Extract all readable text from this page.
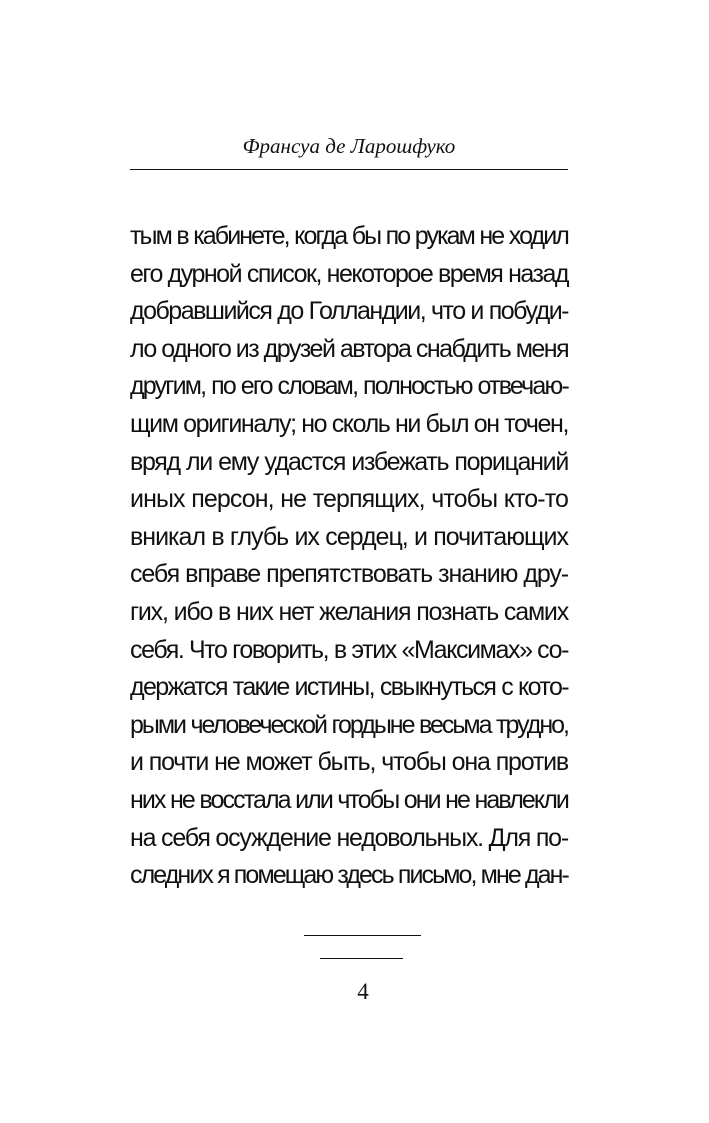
Франсуа де Ларошфуко
тым в кабинете, когда бы по рукам не ходил
его дурной список, некоторое время назад
добравшийся до Голландии, что и побуди-
ло одного из друзей автора снабдить меня
другим, по его словам, полностью отвечаю-
щим оригиналу; но сколь ни был он точен,
вряд ли ему удастся избежать порицаний
иных персон, не терпящих, чтобы кто-то
вникал в глубь их сердец, и почитающих
себя вправе препятствовать знанию дру-
гих, ибо в них нет желания познать самих
себя. Что говорить, в этих «Максимах» со-
держатся такие истины, свыкнуться с кото-
рыми человеческой гордыне весьма трудно,
и почти не может быть, чтобы она против
них не восстала или чтобы они не навлекли
на себя осуждение недовольных. Для по-
следних я помещаю здесь письмо, мне дан-
4
